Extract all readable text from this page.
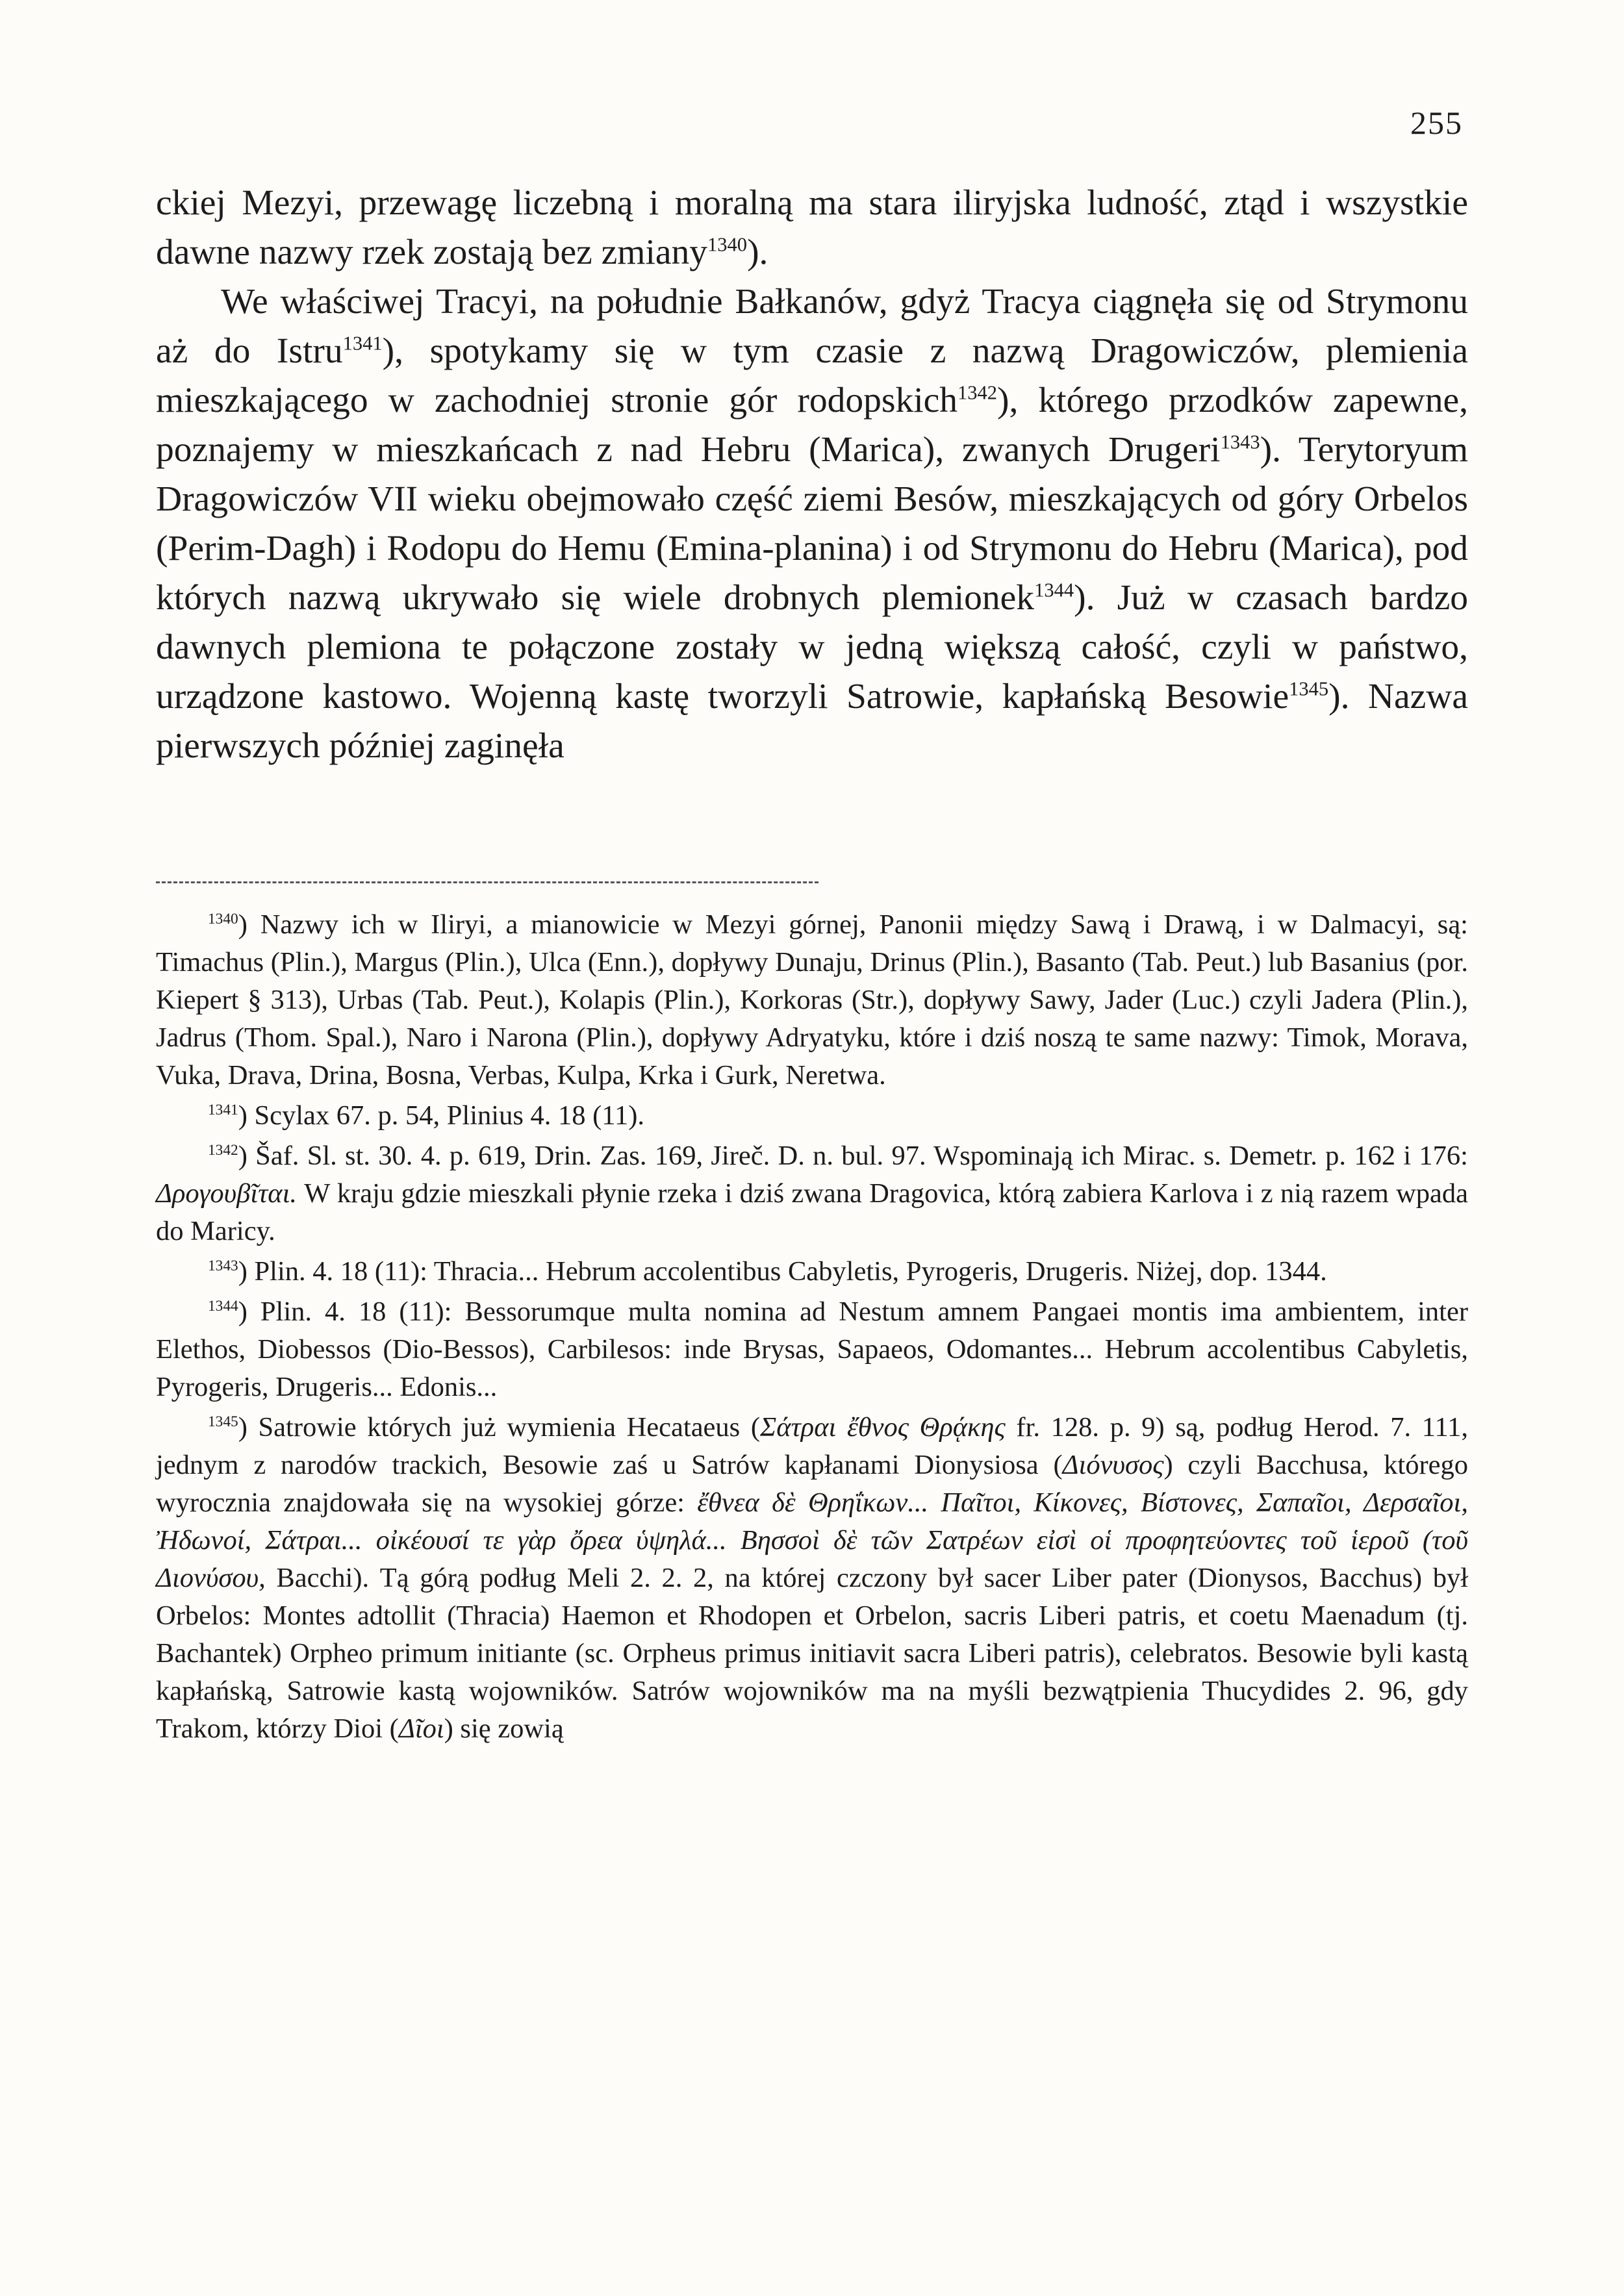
255

ckiej Mezyi, przewagę liczebną i moralną ma stara iliryjska ludność, ztąd i wszystkie dawne nazwy rzek zostają bez zmiany$^{1340}$).

We właściwej Tracyi, na południe Bałkanów, gdyż Tracya ciągnęła się od Strymonu aż do Istru$^{1341}$), spotykamy się w tym czasie z nazwą Dragowiczów, plemienia mieszkającego w zachodniej stronie gór rodopskich$^{1342}$), którego przodków zapewne, poznajemy w mieszkańcach z nad Hebru (Marica), zwanych Drugeri$^{1343}$). Terytoryum Dragowiczów VII wieku obejmowało część ziemi Besów, mieszkających od góry Orbelos (Perim-Dagh) i Rodopu do Hemu (Emina-planina) i od Strymonu do Hebru (Marica), pod których nazwą ukrywało się wiele drobnych plemionek$^{1344}$). Już w czasach bardzo dawnych plemiona te połączone zostały w jedną większą całość, czyli w państwo, urządzone kastowo. Wojenną kastę tworzyli Satrowie, kapłańską Besowie$^{1345}$). Nazwa pierwszych później zaginęła

$^{1340}$) Nazwy ich w Iliryi, a mianowicie w Mezyi górnej, Panonii między Sawą i Drawą, i w Dalmacyi, są: Timachus (Plin.), Margus (Plin.), Ulca (Enn.), dopływy Dunaju, Drinus (Plin.), Basanto (Tab. Peut.) lub Basanius (por. Kiepert § 313), Urbas (Tab. Peut.), Kolapis (Plin.), Korkoras (Str.), dopływy Sawy, Jader (Luc.) czyli Jadera (Plin.), Jadrus (Thom. Spal.), Naro i Narona (Plin.), dopływy Adryatyku, które i dziś noszą te same nazwy: Timok, Morava, Vuka, Drava, Drina, Bosna, Verbas, Kulpa, Krka i Gurk, Neretwa.

$^{1341}$) Scylax 67. p. 54, Plinius 4. 18 (11).

$^{1342}$) Šaf. Sl. st. 30. 4. p. 619, Drin. Zas. 169, Jireč. D. n. bul. 97. Wspominają ich Mirac. s. Demetr. p. 162 i 176: Δρογουβῖται. W kraju gdzie mieszkali płynie rzeka i dziś zwana Dragovica, którą zabiera Karlova i z nią razem wpada do Maricy.

$^{1343}$) Plin. 4. 18 (11): Thracia... Hebrum accolentibus Cabyletis, Pyrogeris, Drugeris. Niżej, dop. 1344.

$^{1344}$) Plin. 4. 18 (11): Bessorumque multa nomina ad Nestum amnem Pangaei montis ima ambientem, inter Elethos, Diobessos (Dio-Bessos), Carbilesos: inde Brysas, Sapaeos, Odomantes... Hebrum accolentibus Cabyletis, Pyrogeris, Drugeris... Edonis...

$^{1345}$) Satrowie których już wymienia Hecataeus (Σάτραι ἔθνος Θρᾴκης fr. 128. p. 9) są, podług Herod. 7. 111, jednym z narodów trackich, Besowie zaś u Satrów kapłanami Dionysiosa (Διόνυσος) czyli Bacchusa, którego wyrocznia znajdowała się na wysokiej górze: ἔθνεα δὲ Θρηΐκων... Παῖτοι, Κίκονες, Βίστονες, Σαπαῖοι, Δερσαῖοι, Ἠδωνοί, Σάτραι... οἰκέουσί τε γὰρ ὄρεα ὑψηλά... Βησσοὶ δὲ τῶν Σατρέων εἰσὶ οἱ προφητεύοντες τοῦ ἱεροῦ (τοῦ Διονύσου, Bacchi). Tą górą podług Meli 2. 2. 2, na której czczony był sacer Liber pater (Dionysos, Bacchus) był Orbelos: Montes adtollit (Thracia) Haemon et Rhodopen et Orbelon, sacris Liberi patris, et coetu Maenadum (tj. Bachantek) Orpheo primum initiante (sc. Orpheus primus initiavit sacra Liberi patris), celebratos. Besowie byli kastą kapłańską, Satrowie kastą wojowników. Satrów wojowników ma na myśli bezwątpienia Thucydides 2. 96, gdy Trakom, którzy Dioi (Δῖοι) się zowią
